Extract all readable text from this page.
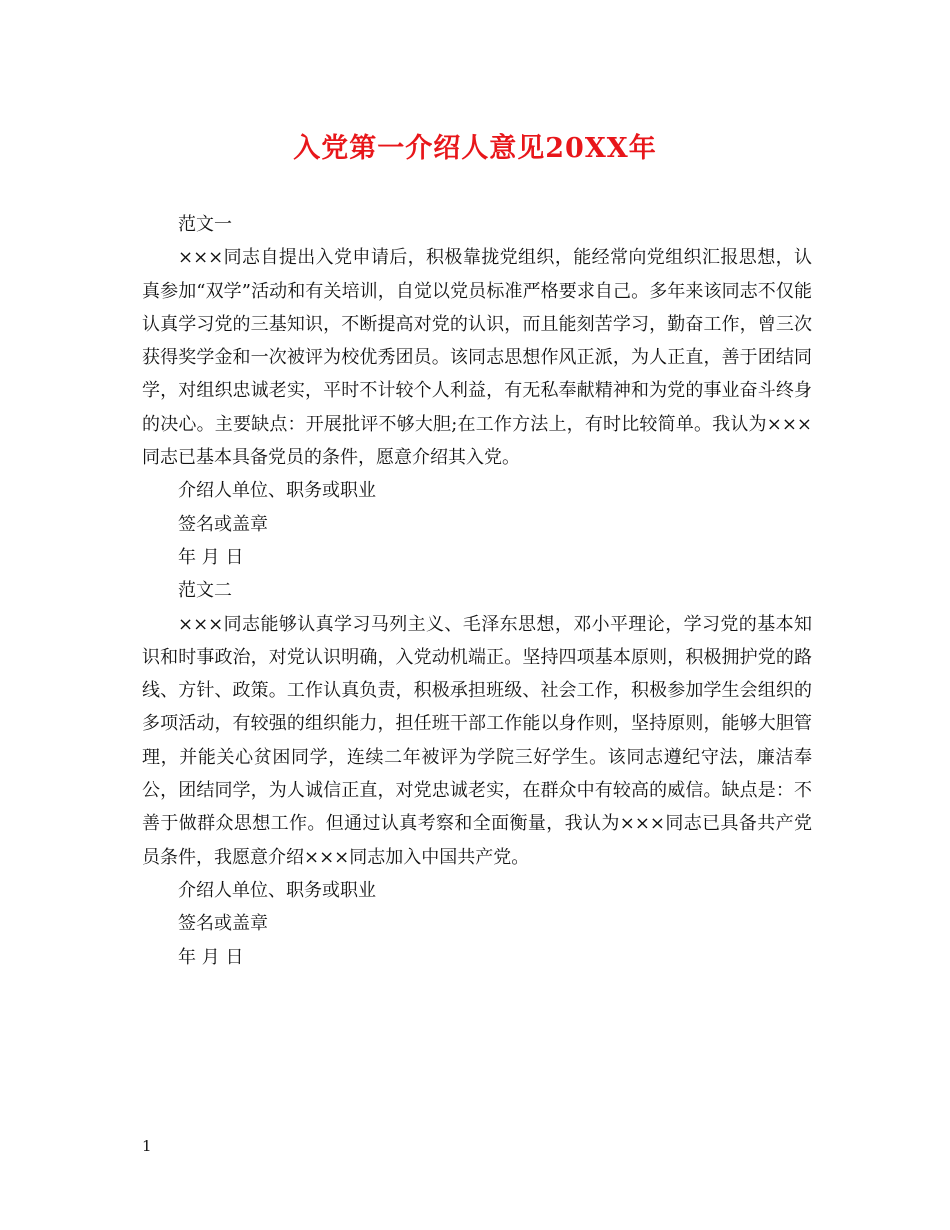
入党第一介绍人意见20XX年

范文一

×××同志自提出入党申请后，积极靠拢党组织，能经常向党组织汇报思想，认真参加“双学”活动和有关培训，自觉以党员标准严格要求自己。多年来该同志不仅能认真学习党的三基知识，不断提高对党的认识，而且能刻苦学习，勤奋工作，曾三次获得奖学金和一次被评为校优秀团员。该同志思想作风正派，为人正直，善于团结同学，对组织忠诚老实，平时不计较个人利益，有无私奉献精神和为党的事业奋斗终身的决心。主要缺点：开展批评不够大胆;在工作方法上，有时比较简单。我认为×××同志已基本具备党员的条件，愿意介绍其入党。

介绍人单位、职务或职业

签名或盖章

年 月 日

范文二

×××同志能够认真学习马列主义、毛泽东思想，邓小平理论，学习党的基本知识和时事政治，对党认识明确，入党动机端正。坚持四项基本原则，积极拥护党的路线、方针、政策。工作认真负责，积极承担班级、社会工作，积极参加学生会组织的多项活动，有较强的组织能力，担任班干部工作能以身作则，坚持原则，能够大胆管理，并能关心贫困同学，连续二年被评为学院三好学生。该同志遵纪守法，廉洁奉公，团结同学，为人诚信正直，对党忠诚老实，在群众中有较高的威信。缺点是：不善于做群众思想工作。但通过认真考察和全面衡量，我认为×××同志已具备共产党员条件，我愿意介绍×××同志加入中国共产党。

介绍人单位、职务或职业

签名或盖章

年 月 日

1
